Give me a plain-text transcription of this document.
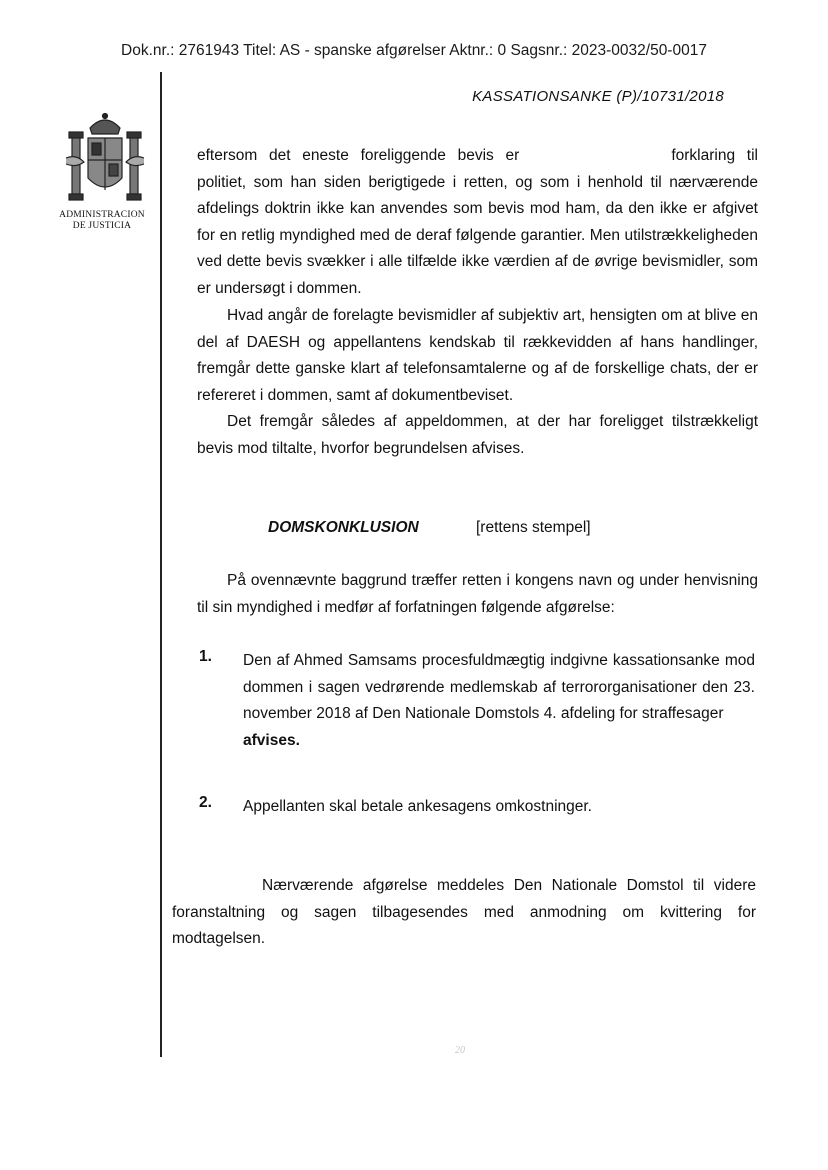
Dok.nr.: 2761943 Titel: AS - spanske afgørelser Aktnr.: 0 Sagsnr.: 2023-0032/50-0017
KASSATIONSANKE (P)/10731/2018
ADMINISTRACION
DE JUSTICIA
eftersom det eneste foreliggende bevis er	forklaring til
politiet, som han siden berigtigede i retten, og som i henhold til nærværende afdelings doktrin ikke kan anvendes som bevis mod ham, da den ikke er afgivet for en retlig myndighed med de deraf følgende garantier. Men utilstrækkeligheden ved dette bevis svækker i alle tilfælde ikke værdien af de øvrige bevismidler, som er undersøgt i dommen.
Hvad angår de forelagte bevismidler af subjektiv art, hensigten om at blive en del af DAESH og appellantens kendskab til rækkevidden af hans handlinger, fremgår dette ganske klart af telefonsamtalerne og af de forskellige chats, der er refereret i dommen, samt af dokumentbeviset.
Det fremgår således af appeldommen, at der har foreligget tilstrækkeligt bevis mod tiltalte, hvorfor begrundelsen afvises.
DOMSKONKLUSION	[rettens stempel]
På ovennævnte baggrund træffer retten i kongens navn og under henvisning til sin myndighed i medfør af forfatningen følgende afgørelse:
1. Den af Ahmed Samsams procesfuldmægtig indgivne kassationsanke mod dommen i sagen vedrørende medlemskab af terrororganisationer den 23. november 2018 af Den Nationale Domstols 4. afdeling for straffesager
afvises.
2. Appellanten skal betale ankesagens omkostninger.
Nærværende afgørelse meddeles Den Nationale Domstol til videre foranstaltning og sagen tilbagesendes med anmodning om kvittering for modtagelsen.
20
